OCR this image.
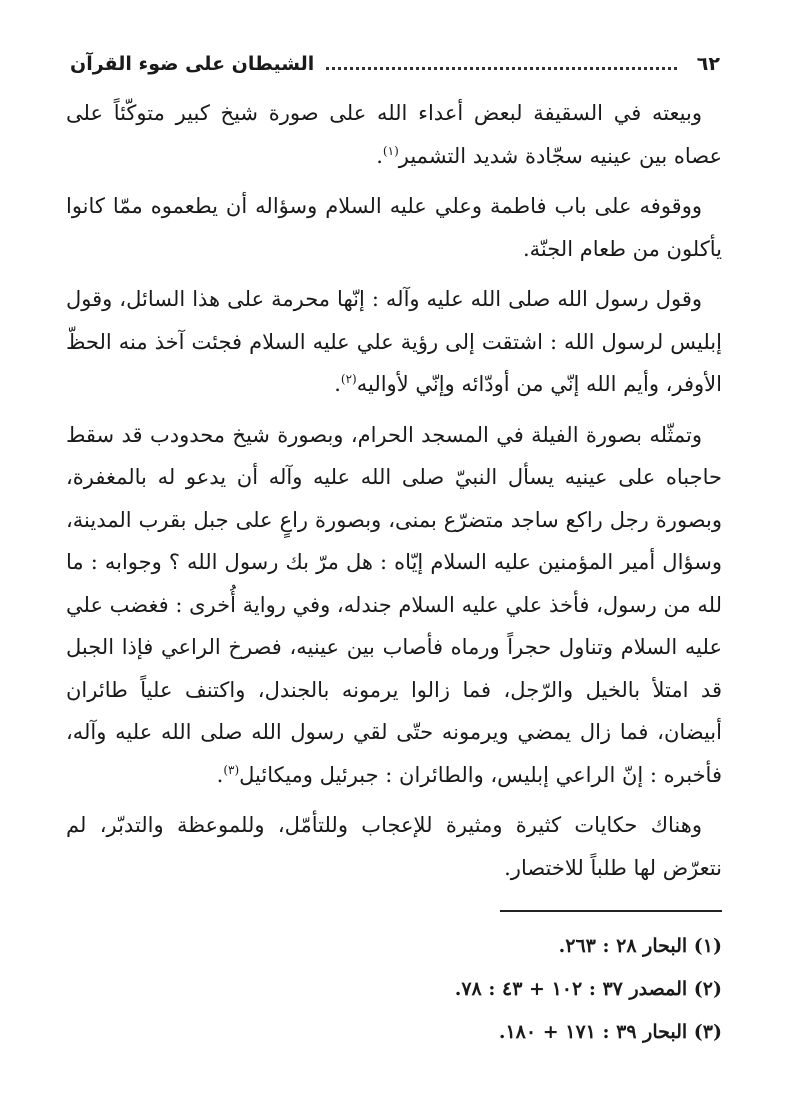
٦٢
الشيطان على ضوء القرآن

وبيعته في السقيفة لبعض أعداء الله على صورة شيخ كبير متوكّئاً على عصاه بين عينيه سجّادة شديد التشمير$^{(١)}$.

ووقوفه على باب فاطمة وعلي عليه السلام وسؤاله أن يطعموه ممّا كانوا يأكلون من طعام الجنّة.

وقول رسول الله صلى الله عليه وآله : إنّها محرمة على هذا السائل، وقول إبليس لرسول الله : اشتقت إلى رؤية علي عليه السلام فجئت آخذ منه الحظّ الأوفر، وأيم الله إنّي من أودّائه وإنّي لأواليه$^{(٢)}$.

وتمثّله بصورة الفيلة في المسجد الحرام، وبصورة شيخ محدودب قد سقط حاجباه على عينيه يسأل النبيّ صلى الله عليه وآله أن يدعو له بالمغفرة، وبصورة رجل راكع ساجد متضرّع بمنى، وبصورة راعٍ على جبل بقرب المدينة، وسؤال أمير المؤمنين عليه السلام إيّاه : هل مرّ بك رسول الله ؟ وجوابه : ما لله من رسول، فأخذ علي عليه السلام جندله، وفي رواية أُخرى : فغضب علي عليه السلام وتناول حجراً ورماه فأصاب بين عينيه، فصرخ الراعي فإذا الجبل قد امتلأ بالخيل والرّجل، فما زالوا يرمونه بالجندل، واكتنف علياً طائران أبيضان، فما زال يمضي ويرمونه حتّى لقي رسول الله صلى الله عليه وآله، فأخبره : إنّ الراعي إبليس، والطائران : جبرئيل وميكائيل$^{(٣)}$.

وهناك حكايات كثيرة ومثيرة للإعجاب وللتأمّل، وللموعظة والتدبّر، لم نتعرّض لها طلباً للاختصار.

(١) البحار ٢٨ : ٢٦٣.
(٢) المصدر ٣٧ : ١٠٢ + ٤٣ : ٧٨.
(٣) البحار ٣٩ : ١٧١ + ١٨٠.
